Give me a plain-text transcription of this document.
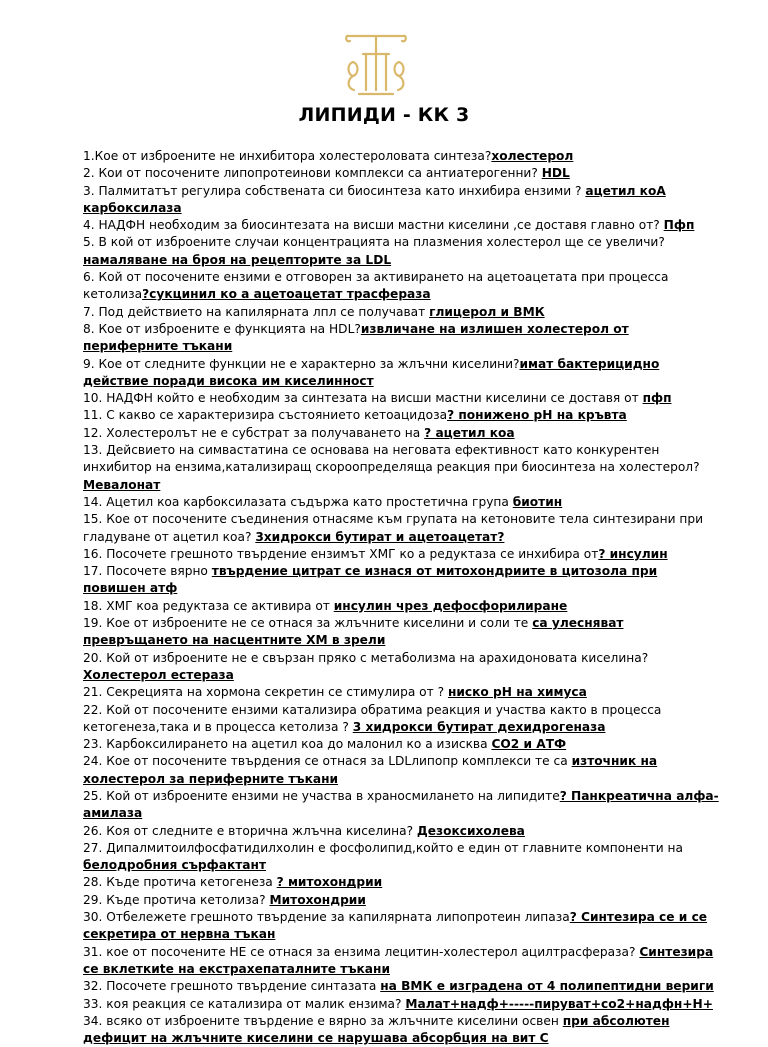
ЛИПИДИ - КК 3
1.Кое от изброените не инхибитора холестероловата синтеза?холестерол
2. Кои от посочените липопротеинови комплекси са антиатерогенни? HDL
3. Палмитатът регулира собствената си биосинтеза като инхибира ензими ? ацетил коА карбоксилаза
4. НАДФН необходим за биосинтезата на висши мастни киселини ,се доставя главно от? Пфп
5. В кой от изброените случаи концентрацията на плазмения холестерол ще се увеличи?намаляване на броя на рецепторите за LDL
6. Кой от посочените ензими е отговорен за активирането на ацетоацетата при процесса кетолиза?сукцинил ко а ацетоацетат трасфераза
7. Под действието на капилярната лпл се получават глицерол и ВМК
8. Кое от изброените е функцията на HDL?извличане на излишен холестерол от периферните тъкани
9. Кое от следните функции не е характерно за жлъчни киселини?имат бактерицидно действие поради висока им киселинност
10. НАДФН който е необходим за синтезата на висши мастни киселини се доставя от пфп
11. С какво се характеризира състоянието кетоацидоза? понижено pH на кръвта
12. Холестеролът не е субстрат за получаването на ? ацетил коа
13. Дейсвието на симвастатина се основава на неговата ефективност като конкурентен инхибитор на ензима,катализиращ скороопределяща реакция при биосинтеза на холестерол? Мевалонат
14. Ацетил коа карбоксилазата съдържа като простетична група биотин
15. Кое от посочените съединения отнасяме към групата на кетоновите тела синтезирани при гладуване от ацетил коа? 3хидрокси бутират и ацетоацетат?
16. Посочете грешното твърдение ензимът ХМГ ко а редуктаза се инхибира от? инсулин
17. Посочете вярно твърдение цитрат се изнася от митохондриите в цитозола при повишен атф
18. ХМГ коа редуктаза се активира от инсулин чрез дефосфорилиране
19. Кое от изброените не се отнася за жлъчните киселини и соли те са улесняват превръщането на насцентните ХМ в зрели
20. Кой от изброените не е свързан пряко с метаболизма на арахидоновата киселина? Холестерол естераза
21. Секрецията на хормона секретин се стимулира от ? ниско pH на химуса
22. Кой от посочените ензими катализира обратима реакция и участва както в процесса кетогенеза,така и в процесса кетолиза ? 3 хидрокси бутират дехидрогеназа
23. Карбоксилирането на ацетил коа до малонил ко а изисква CO2 и АТФ
24. Кое от посочените твърдения се отнася за LDLлипопр комплекси те са източник на холестерол за периферните тъкани
25. Кой от изброените ензими не участва в храносмилането на липидите? Панкреатична алфа-амилаза
26. Коя от следните е вторична жлъчна киселина? Дезоксихолева
27. Дипалмитоилфосфатидилхолин е фосфолипид,който е един от главните компоненти на белодробния сърфактант
28. Къде протича кетогенеза ? митохондрии
29. Къде протича кетолиза? Митохондрии
30. Отбележете грешното твърдение за капилярната липопротеин липаза? Синтезира се и се секретира от нервна тъкан
31. кое от посочените НЕ се отнася за ензима лецитин-холестерол ацилтрасфераза? Синтезира се вклеткиte на екстрахепаталните тъкани
32. Посочете грешното твърдение синтазата на ВМК е изградена от 4 полипептидни вериги
33. коя реакция се катализира от малик ензима? Малат+надф+-----пируват+co2+надфн+Н+
34. всяко от изброените твърдение е вярно за жлъчните киселини освен при абсолютен дефицит на жлъчните киселини се нарушава абсорбция на вит С
